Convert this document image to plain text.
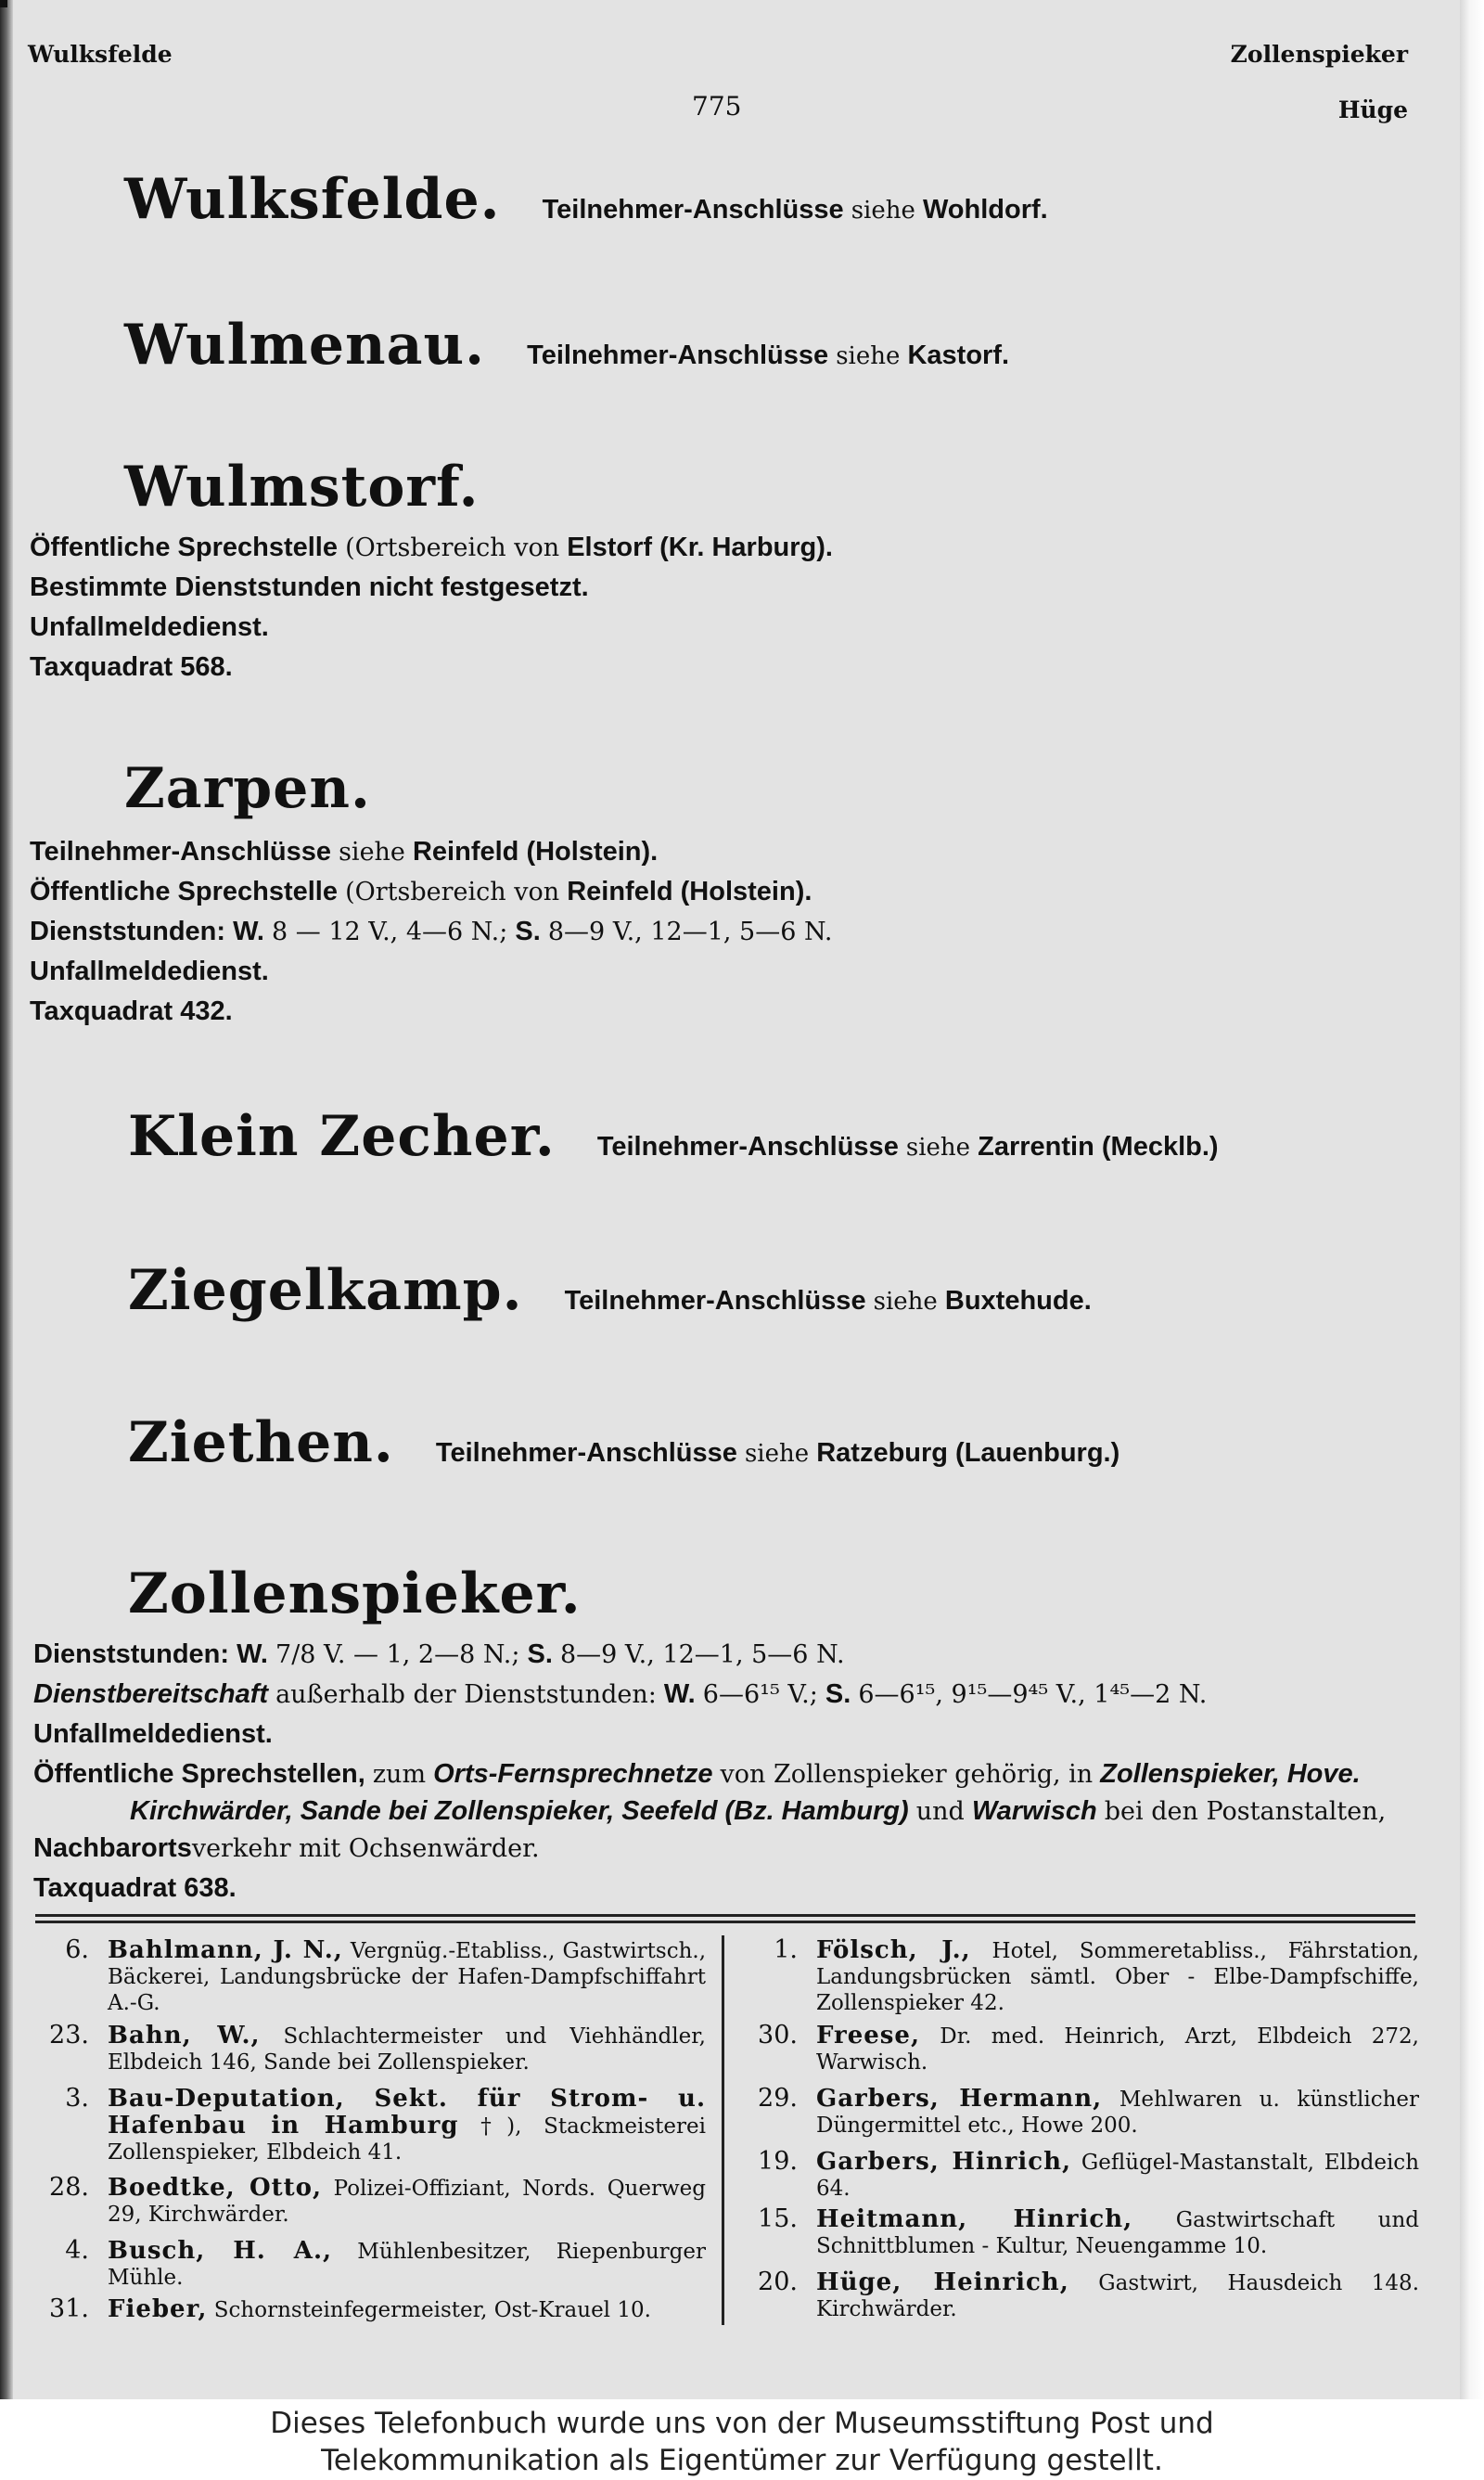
Wulksfelde	Zollenspieker
Hüge
775
Wulksfelde. Teilnehmer-Anschlüsse siehe Wohldorf.
Wulmenau. Teilnehmer-Anschlüsse siehe Kastorf.
Wulmstorf.
Öffentliche Sprechstelle (Ortsbereich von Elstorf (Kr. Harburg).
Bestimmte Dienststunden nicht festgesetzt.
Unfallmeldedienst.
Taxquadrat 568.
Zarpen.
Teilnehmer-Anschlüsse siehe Reinfeld (Holstein).
Öffentliche Sprechstelle (Ortsbereich von Reinfeld (Holstein).
Dienststunden: W. 8 — 12 V., 4—6 N.; S. 8—9 V., 12—1, 5—6 N.
Unfallmeldedienst.
Taxquadrat 432.
Klein Zecher. Teilnehmer-Anschlüsse siehe Zarrentin (Mecklb.)
Ziegelkamp. Teilnehmer-Anschlüsse siehe Buxtehude.
Ziethen. Teilnehmer-Anschlüsse siehe Ratzeburg (Lauenburg.)
Zollenspieker.
Dienststunden: W. 7/8 V. — 1, 2—8 N.; S. 8—9 V., 12—1, 5—6 N.
Dienstbereitschaft außerhalb der Dienststunden: W. 6—6¹⁵ V.; S. 6—6¹⁵, 9¹⁵—9⁴⁵ V., 1⁴⁵—2 N.
Unfallmeldedienst.
Öffentliche Sprechstellen, zum Orts-Fernsprechnetze von Zollenspieker gehörig, in Zollenspieker, Hove.
Kirchwärder, Sande bei Zollenspieker, Seefeld (Bz. Hamburg) und Warwisch bei den Postanstalten,
Nachbarortsverkehr mit Ochsenwärder.
Taxquadrat 638.
6. Bahlmann, J. N., Vergnüg.-Etabliss., Gastwirtsch., Bäckerei, Landungsbrücke der Hafen-Dampfschiffahrt A.-G.
23. Bahn, W., Schlachtermeister und Viehhändler, Elbdeich 146, Sande bei Zollenspieker.
3. Bau-Deputation, Sekt. für Strom- u. Hafenbau in Hamburg †), Stackmeisterei Zollenspieker, Elbdeich 41.
28. Boedtke, Otto, Polizei-Offiziant, Nords. Querweg 29, Kirchwärder.
4. Busch, H. A., Mühlenbesitzer, Riepenburger Mühle.
31. Fieber, Schornsteinfegermeister, Ost-Krauel 10.
1. Fölsch, J., Hotel, Sommeretabliss., Fährstation, Landungsbrücken sämtl. Ober - Elbe-Dampfschiffe, Zollenspieker 42.
30. Freese, Dr. med. Heinrich, Arzt, Elbdeich 272, Warwisch.
29. Garbers, Hermann, Mehlwaren u. künstlicher Düngermittel etc., Howe 200.
19. Garbers, Hinrich, Geflügel-Mastanstalt, Elbdeich 64.
15. Heitmann, Hinrich, Gastwirtschaft und Schnittblumen - Kultur, Neuengamme 10.
20. Hüge, Heinrich, Gastwirt, Hausdeich 148. Kirchwärder.
Dieses Telefonbuch wurde uns von der Museumsstiftung Post und
Telekommunikation als Eigentümer zur Verfügung gestellt.
